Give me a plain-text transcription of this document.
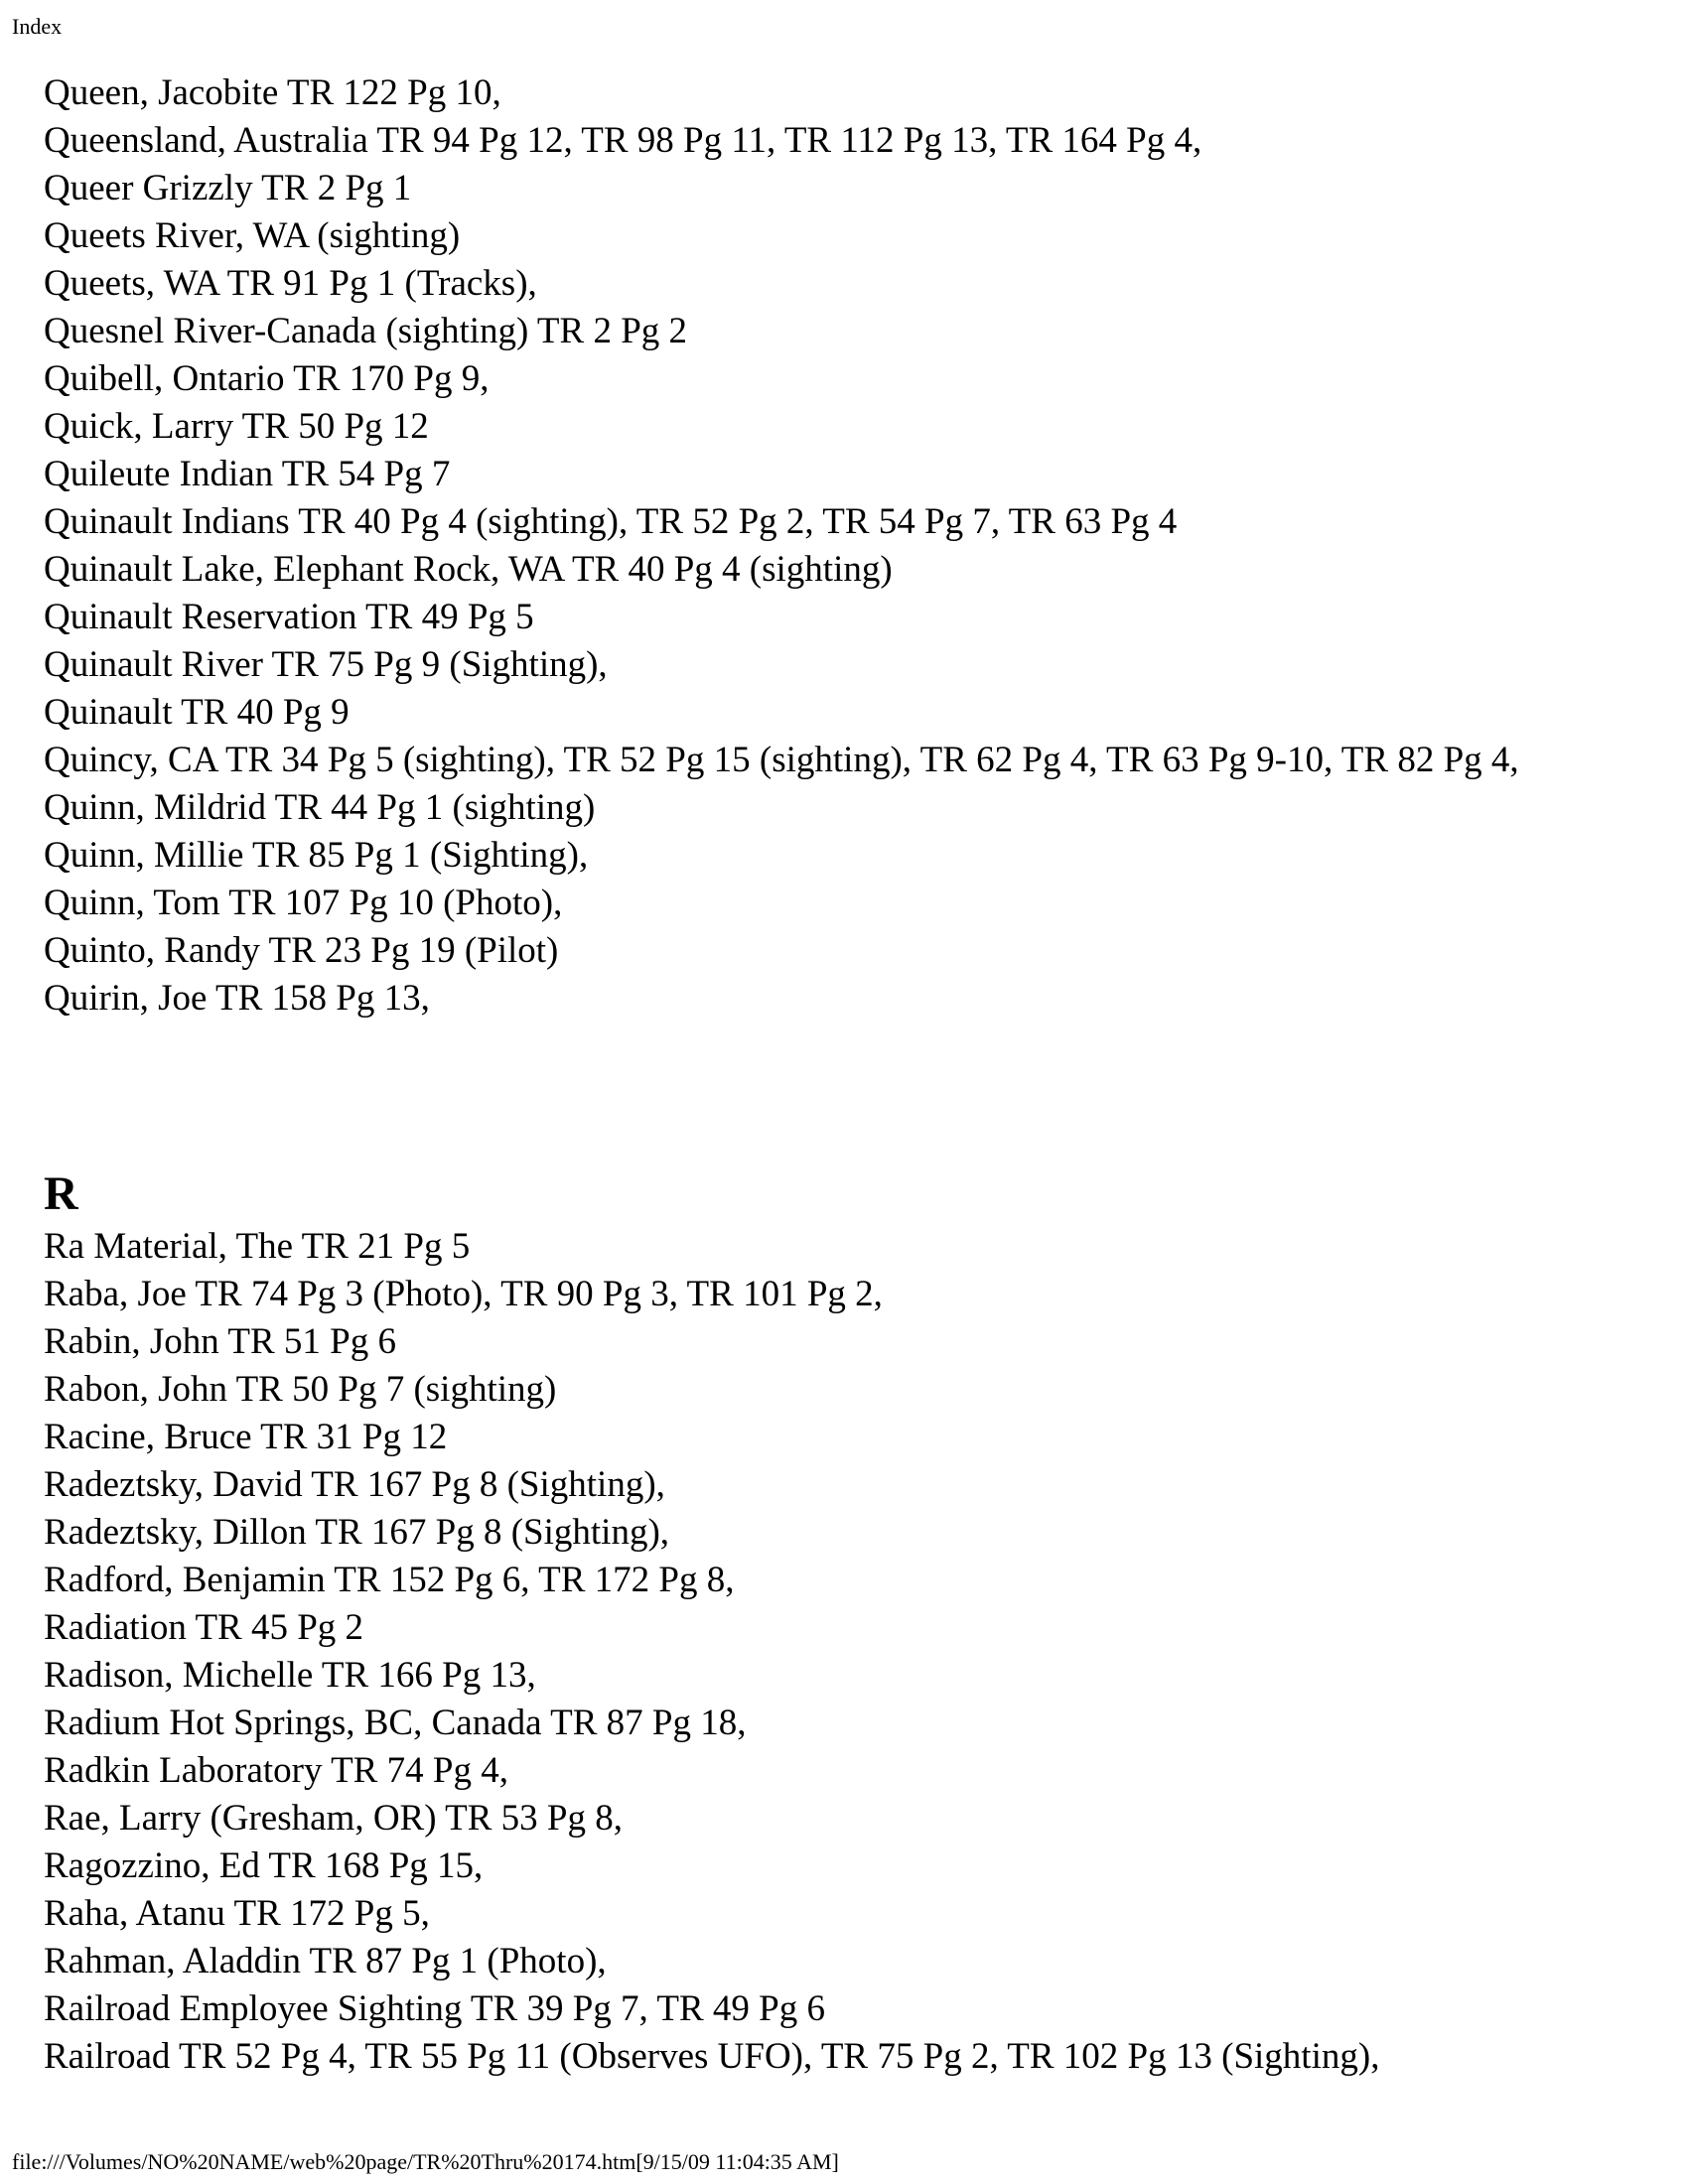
Index

Queen, Jacobite TR 122 Pg 10,

Queensland, Australia TR 94 Pg 12, TR 98 Pg 11, TR 112 Pg 13, TR 164 Pg 4,

Queer Grizzly TR 2 Pg 1

Queets River, WA (sighting)

Queets, WA TR 91 Pg 1 (Tracks),

Quesnel River-Canada (sighting) TR 2 Pg 2

Quibell, Ontario TR 170 Pg 9,

Quick, Larry TR 50 Pg 12

Quileute Indian TR 54 Pg 7

Quinault Indians TR 40 Pg 4 (sighting), TR 52 Pg 2, TR 54 Pg 7, TR 63 Pg 4

Quinault Lake, Elephant Rock, WA TR 40 Pg 4 (sighting)

Quinault Reservation TR 49 Pg 5

Quinault River TR 75 Pg 9 (Sighting),

Quinault TR 40 Pg 9

Quincy, CA TR 34 Pg 5 (sighting), TR 52 Pg 15 (sighting), TR 62 Pg 4, TR 63 Pg 9-10, TR 82 Pg 4,

Quinn, Mildrid TR 44 Pg 1 (sighting)

Quinn, Millie TR 85 Pg 1 (Sighting),

Quinn, Tom TR 107 Pg 10 (Photo),

Quinto, Randy TR 23 Pg 19 (Pilot)

Quirin, Joe TR 158 Pg 13,

R

Ra Material, The TR 21 Pg 5

Raba, Joe TR 74 Pg 3 (Photo), TR 90 Pg 3, TR 101 Pg 2,

Rabin, John TR 51 Pg 6

Rabon, John TR 50 Pg 7 (sighting)

Racine, Bruce TR 31 Pg 12

Radeztsky, David TR 167 Pg 8 (Sighting),

Radeztsky, Dillon TR 167 Pg 8 (Sighting),

Radford, Benjamin TR 152 Pg 6, TR 172 Pg 8,

Radiation TR 45 Pg 2

Radison, Michelle TR 166 Pg 13,

Radium Hot Springs, BC, Canada TR 87 Pg 18,

Radkin Laboratory TR 74 Pg 4,

Rae, Larry (Gresham, OR) TR 53 Pg 8,

Ragozzino, Ed TR 168 Pg 15,

Raha, Atanu TR 172 Pg 5,

Rahman, Aladdin TR 87 Pg 1 (Photo),

Railroad Employee Sighting TR 39 Pg 7, TR 49 Pg 6

Railroad TR 52 Pg 4, TR 55 Pg 11 (Observes UFO), TR 75 Pg 2, TR 102 Pg 13 (Sighting),

file:///Volumes/NO%20NAME/web%20page/TR%20Thru%20174.htm[9/15/09 11:04:35 AM]
